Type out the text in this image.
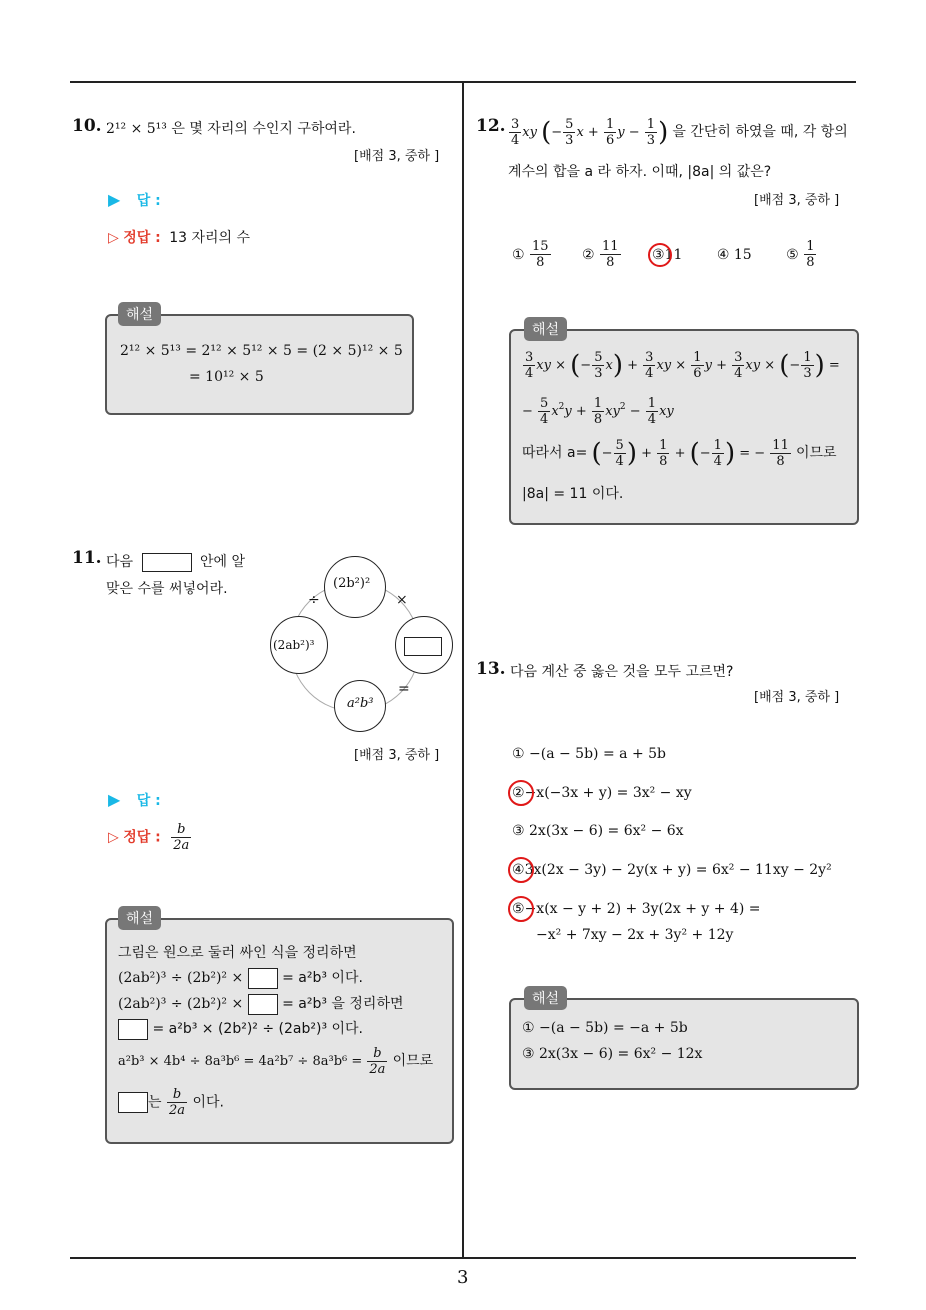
3
10. 2¹² × 5¹³ 은 몇 자리의 수인지 구하여라.
[배점 3, 중하 ]
▶ 답 :
▷ 정답 : 13 자리의 수
해설
2¹² × 5¹³ = 2¹² × 5¹² × 5 = (2 × 5)¹² × 5
= 10¹² × 5
11. 다음	안에 알
맞은 수를 써넣어라.	(2b²)²
(2ab²)³
a²b³
÷	×
=
[배점 3, 중하 ]
▶ 답 :
▷ 정답 : $\frac{b}{2a}$
해설
그림은 원으로 둘러 싸인 식을 정리하면
(2ab²)³ ÷ (2b²)² ×	= a²b³ 이다.
(2ab²)³ ÷ (2b²)² ×	= a²b³ 을 정리하면
= a²b³ × (2b²)² ÷ (2ab²)³ 이다.
$a^2b^3 \times 4b^4 \div 8a^3b^6 = 4a^2b^7 \div 8a^3b^6 = \frac{b}{2a}$ 이므로
는 $\frac{b}{2a}$ 이다.
12. $\frac{3}{4}$ xy (− $\frac{5}{3}$ $x + \frac{1}{6}$ $y - \frac{1}{3}$ ) 을 간단히 하였을 때, 각 항의
계수의 합을 a 라 하자. 이때, |8a| 의 값은?
[배점 3, 중하 ]
① $\frac{15}{8}$ ② $\frac{11}{8}$ ③11 ④ 15 ⑤ $\frac{1}{8}$
해설
$\frac{3}{4}$ xy × (− $\frac{5}{3} x) + \frac{3}{4}$ xy × $\frac{1}{6}$ $y + \frac{3}{4}$ xy × (− $\frac{1}{3}$ ) =
− $\frac{5}{4} x^2y + \frac{1}{8} xy^2 - \frac{1}{4}$ xy
따라서 a= (− $\frac{5}{4}$ ) + $\frac{1}{8}$ + (− $\frac{1}{4}$ ) = − $\frac{11}{8}$ 이므로
|8a| = 11 이다.
13. 다음 계산 중 옳은 것을 모두 고르면?
[배점 3, 중하 ]
① −(a − 5b) = a + 5b
②−x(−3x + y) = 3x² − xy
③ 2x(3x − 6) = 6x² − 6x
④3x(2x − 3y) − 2y(x + y) = 6x² − 11xy − 2y²
⑤−x(x − y + 2) + 3y(2x + y + 4) =
−x² + 7xy − 2x + 3y² + 12y
해설
① −(a − 5b) = −a + 5b
③ 2x(3x − 6) = 6x² − 12x
